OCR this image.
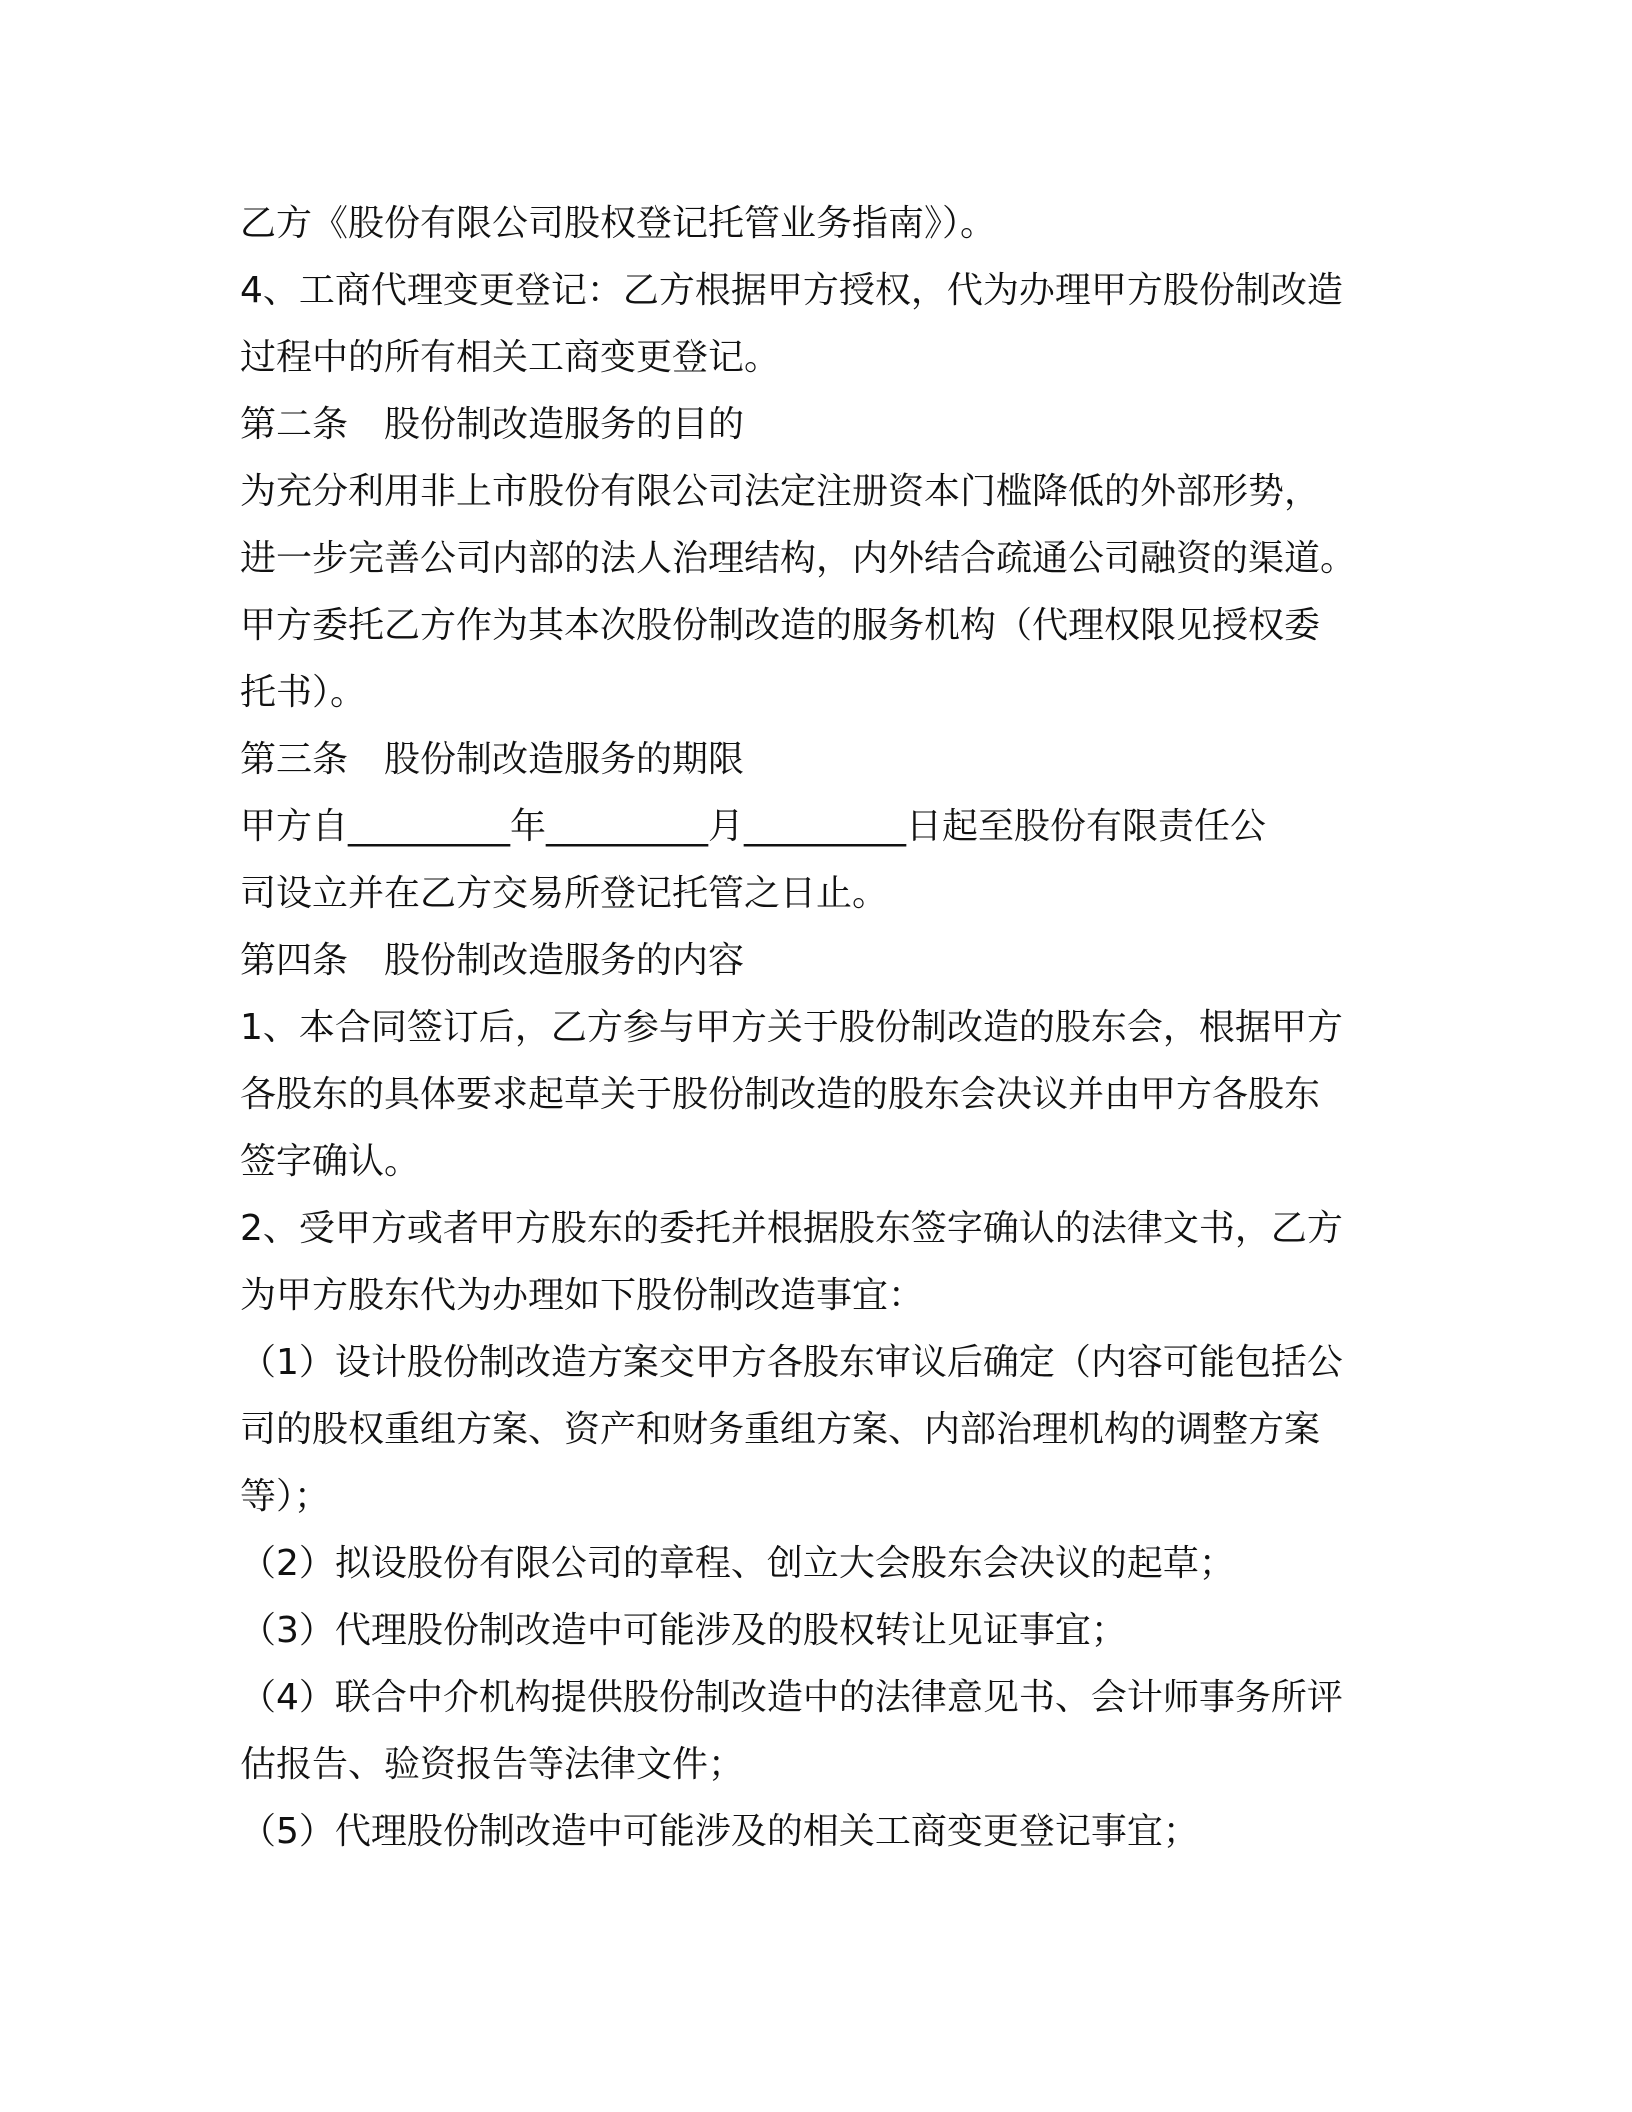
乙方《股份有限公司股权登记托管业务指南》）。
4、工商代理变更登记：乙方根据甲方授权，代为办理甲方股份制改造
过程中的所有相关工商变更登记。
第二条　股份制改造服务的目的
为充分利用非上市股份有限公司法定注册资本门槛降低的外部形势，
进一步完善公司内部的法人治理结构，内外结合疏通公司融资的渠道。
甲方委托乙方作为其本次股份制改造的服务机构（代理权限见授权委
托书）。
第三条　股份制改造服务的期限
甲方自_________年_________月_________日起至股份有限责任公
司设立并在乙方交易所登记托管之日止。
第四条　股份制改造服务的内容
1、本合同签订后，乙方参与甲方关于股份制改造的股东会，根据甲方
各股东的具体要求起草关于股份制改造的股东会决议并由甲方各股东
签字确认。
2、受甲方或者甲方股东的委托并根据股东签字确认的法律文书，乙方
为甲方股东代为办理如下股份制改造事宜：
（1）设计股份制改造方案交甲方各股东审议后确定（内容可能包括公
司的股权重组方案、资产和财务重组方案、内部治理机构的调整方案
等）；
（2）拟设股份有限公司的章程、创立大会股东会决议的起草；
（3）代理股份制改造中可能涉及的股权转让见证事宜；
（4）联合中介机构提供股份制改造中的法律意见书、会计师事务所评
估报告、验资报告等法律文件；
（5）代理股份制改造中可能涉及的相关工商变更登记事宜；
